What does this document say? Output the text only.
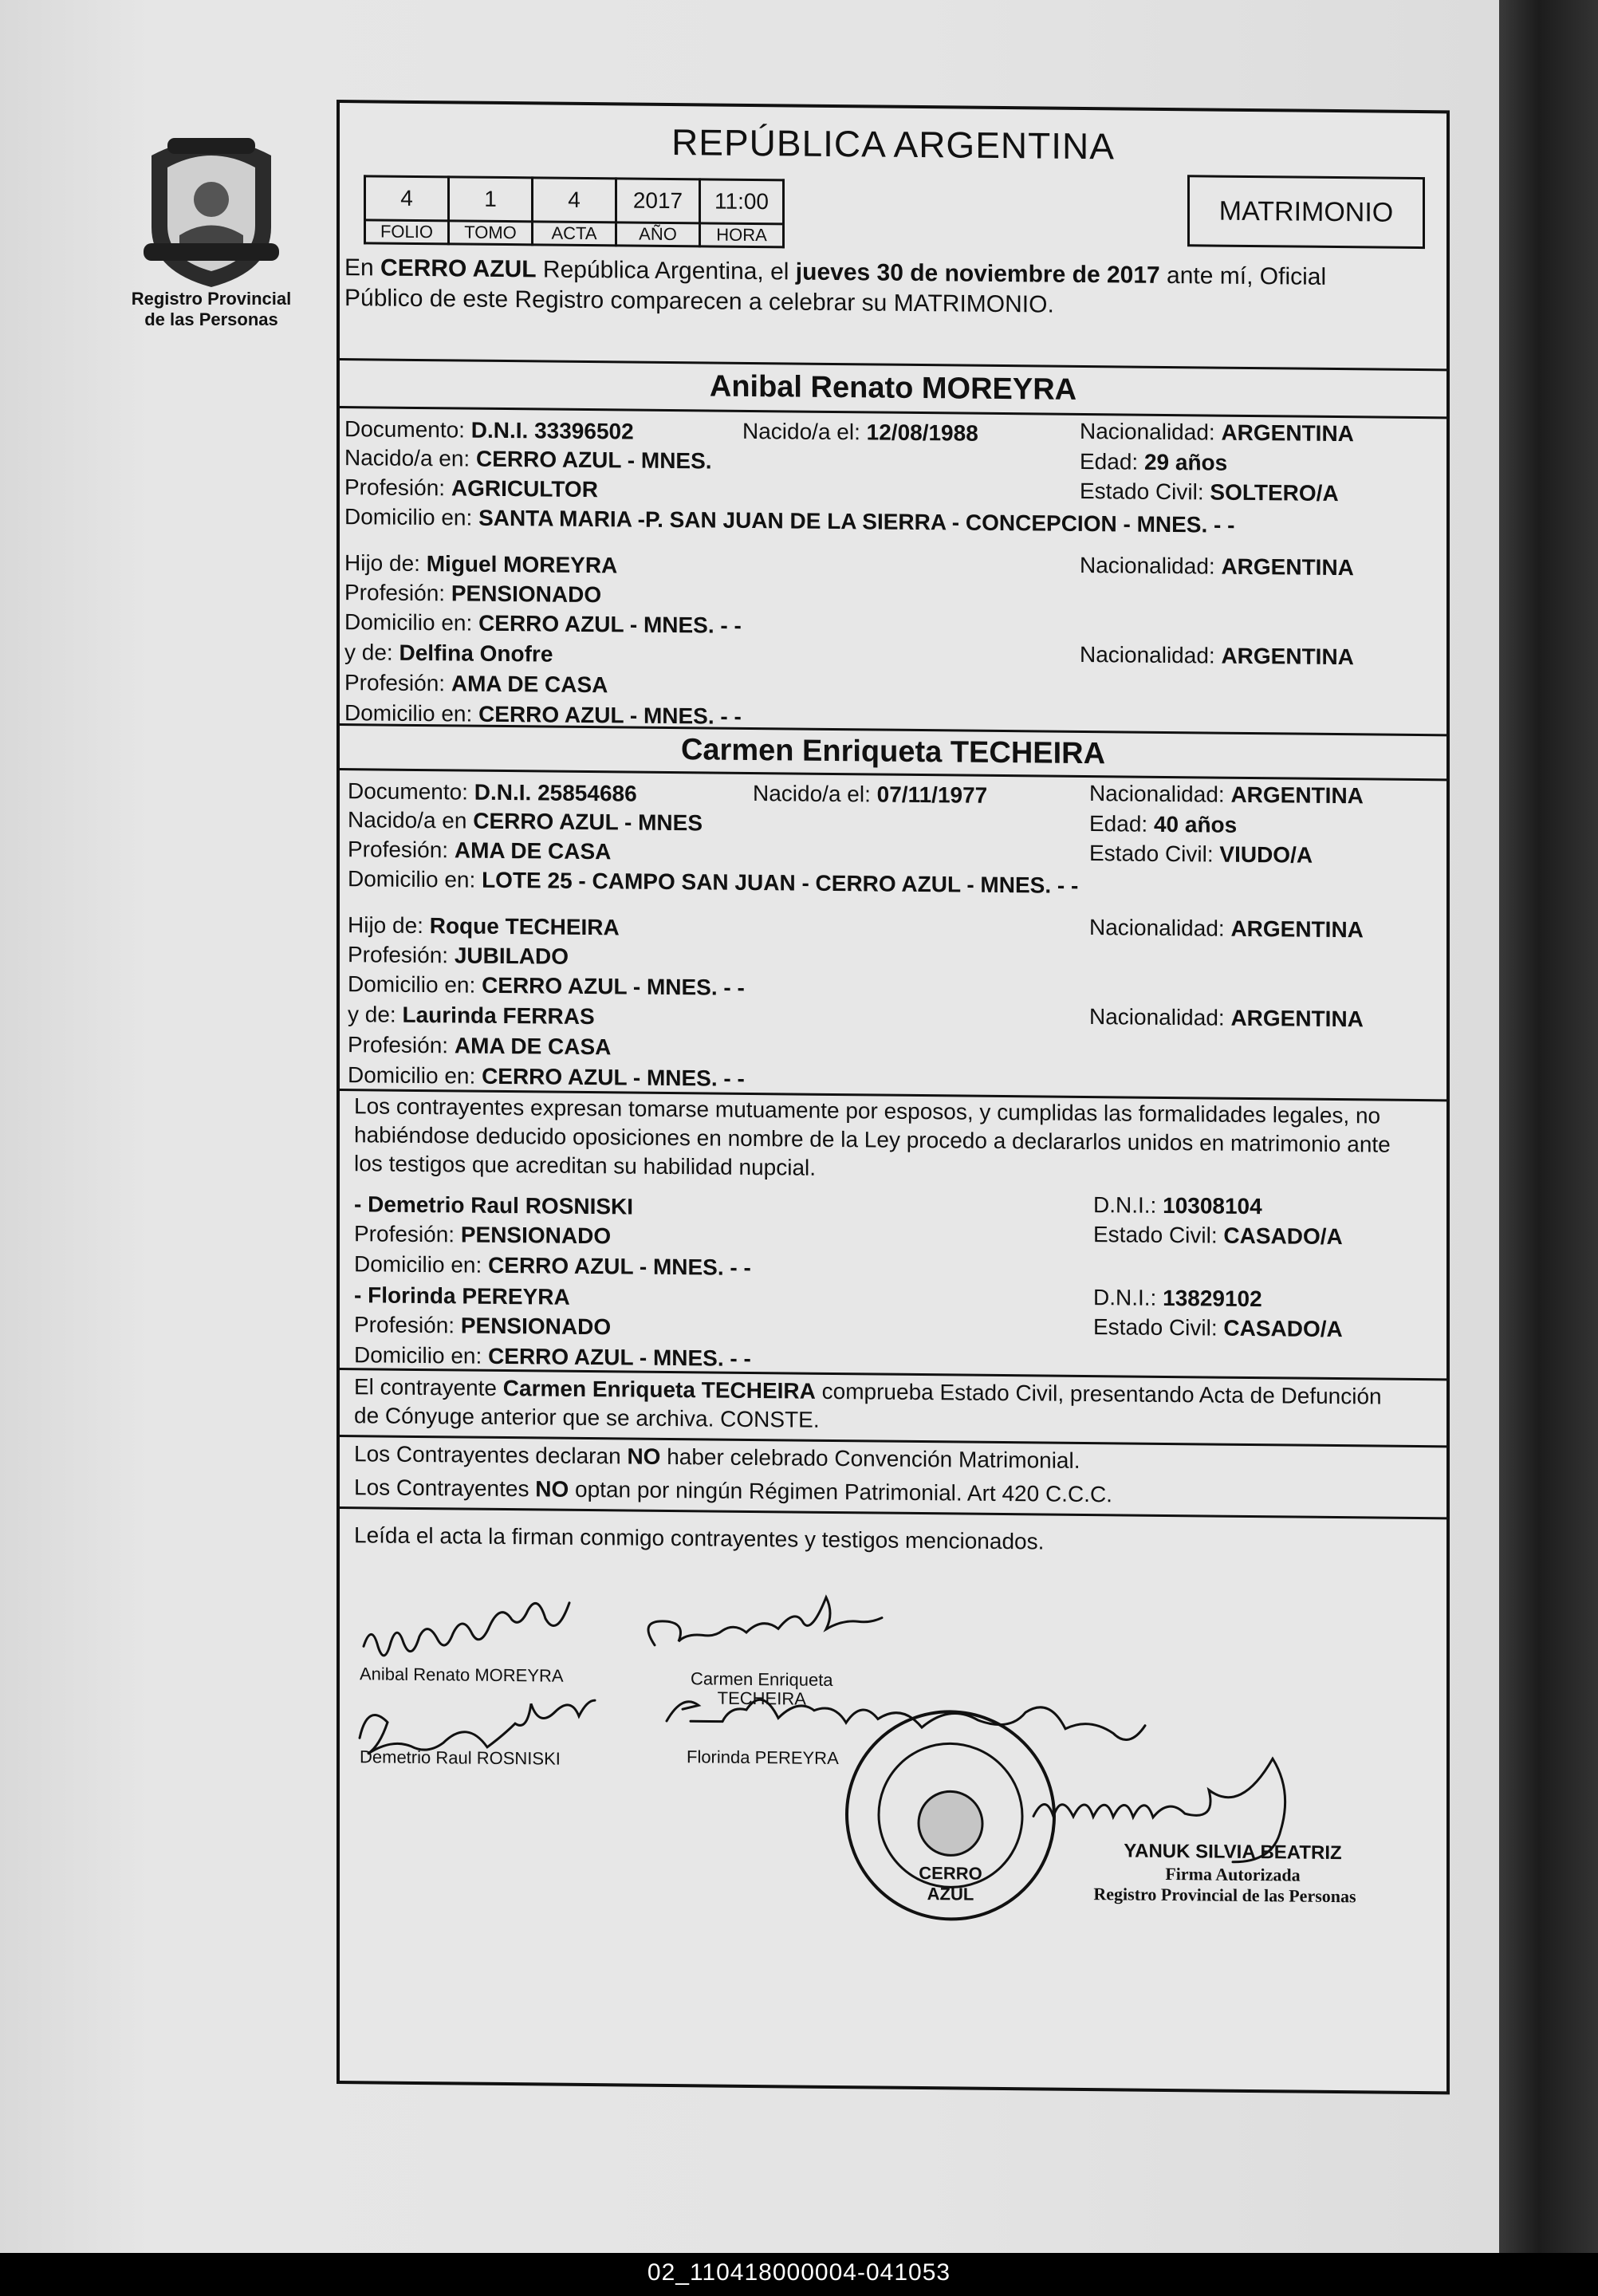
Registro Provincial
de las Personas
REPÚBLICA ARGENTINA
4	1	4	2017	11:00
FOLIO	TOMO	ACTA	AÑO	HORA
MATRIMONIO
En CERRO AZUL República Argentina, el jueves 30 de noviembre de 2017 ante mí, Oficial
Público de este Registro comparecen a celebrar su MATRIMONIO.
Anibal Renato MOREYRA
Documento: D.N.I. 33396502	Nacido/a el: 12/08/1988	Nacionalidad: ARGENTINA
Nacido/a en: CERRO AZUL - MNES.	Edad: 29 años
Profesión: AGRICULTOR	Estado Civil: SOLTERO/A
Domicilio en: SANTA MARIA -P. SAN JUAN DE LA SIERRA - CONCEPCION - MNES. - -
Hijo de: Miguel MOREYRA	Nacionalidad: ARGENTINA
Profesión: PENSIONADO
Domicilio en: CERRO AZUL - MNES. - -
y de: Delfina Onofre	Nacionalidad: ARGENTINA
Profesión: AMA DE CASA
Domicilio en: CERRO AZUL - MNES. - -
Carmen Enriqueta TECHEIRA
Documento: D.N.I. 25854686	Nacido/a el: 07/11/1977	Nacionalidad: ARGENTINA
Nacido/a en CERRO AZUL - MNES	Edad: 40 años
Profesión: AMA DE CASA	Estado Civil: VIUDO/A
Domicilio en: LOTE 25 - CAMPO SAN JUAN - CERRO AZUL - MNES. - -
Hijo de: Roque TECHEIRA	Nacionalidad: ARGENTINA
Profesión: JUBILADO
Domicilio en: CERRO AZUL - MNES. - -
y de: Laurinda FERRAS	Nacionalidad: ARGENTINA
Profesión: AMA DE CASA
Domicilio en: CERRO AZUL - MNES. - -
Los contrayentes expresan tomarse mutuamente por esposos, y cumplidas las formalidades legales, no
habiéndose deducido oposiciones en nombre de la Ley procedo a declararlos unidos en matrimonio ante
los testigos que acreditan su habilidad nupcial.
- Demetrio Raul ROSNISKI	D.N.I.: 10308104
Profesión: PENSIONADO	Estado Civil: CASADO/A
Domicilio en: CERRO AZUL - MNES. - -
- Florinda PEREYRA	D.N.I.: 13829102
Profesión: PENSIONADO	Estado Civil: CASADO/A
Domicilio en: CERRO AZUL - MNES. - -
El contrayente Carmen Enriqueta TECHEIRA comprueba Estado Civil, presentando Acta de Defunción
de Cónyuge anterior que se archiva. CONSTE.
Los Contrayentes declaran NO haber celebrado Convención Matrimonial.
Los Contrayentes NO optan por ningún Régimen Patrimonial. Art 420 C.C.C.
Leída el acta la firman conmigo contrayentes y testigos mencionados.
Anibal Renato MOREYRA	Carmen Enriqueta
TECHEIRA
Demetrio Raul ROSNISKI	Florinda PEREYRA
CERRO AZUL
YANUK SILVIA BEATRIZ
Firma Autorizada
Registro Provincial de las Personas
02_110418000004-041053
